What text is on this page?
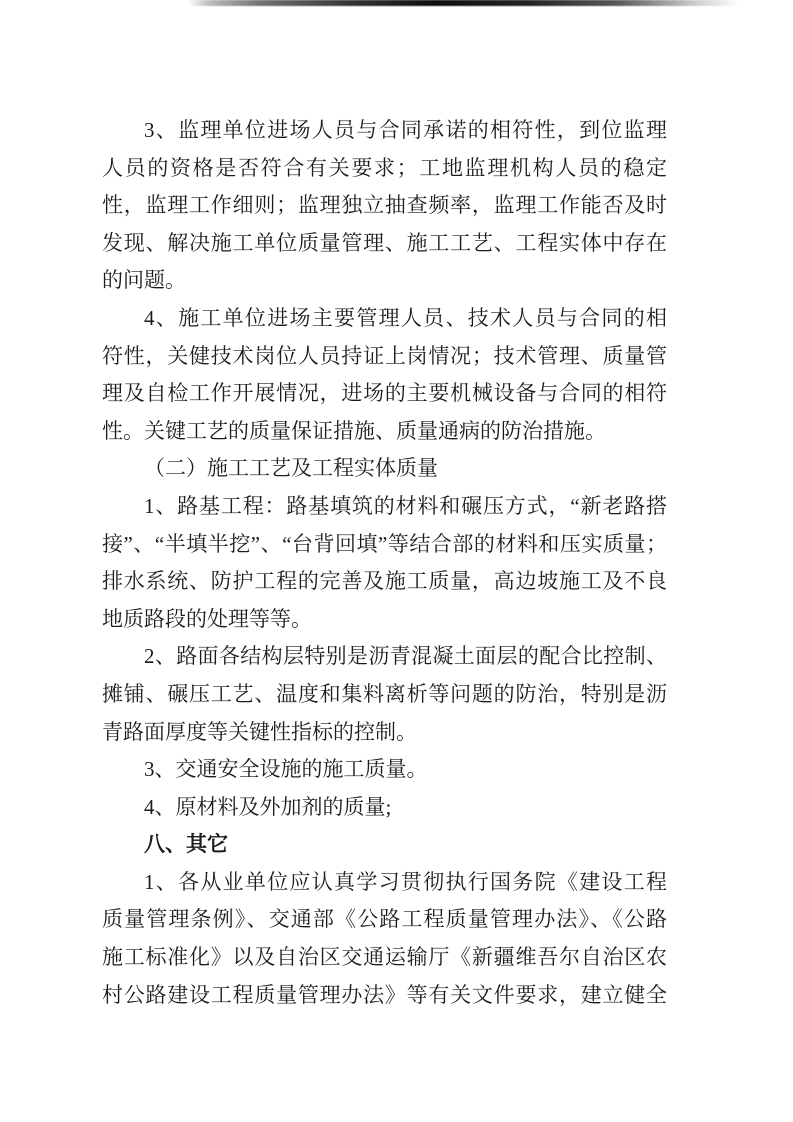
3、监理单位进场人员与合同承诺的相符性，到位监理
人员的资格是否符合有关要求；工地监理机构人员的稳定
性，监理工作细则；监理独立抽查频率，监理工作能否及时
发现、解决施工单位质量管理、施工工艺、工程实体中存在
的问题。
4、施工单位进场主要管理人员、技术人员与合同的相
符性，关健技术岗位人员持证上岗情况；技术管理、质量管
理及自检工作开展情况，进场的主要机械设备与合同的相符
性。关键工艺的质量保证措施、质量通病的防治措施。
（二）施工工艺及工程实体质量
1、路基工程：路基填筑的材料和碾压方式，“新老路搭
接”、“半填半挖”、“台背回填”等结合部的材料和压实质量；
排水系统、防护工程的完善及施工质量，高边坡施工及不良
地质路段的处理等等。
2、路面各结构层特别是沥青混凝土面层的配合比控制、
摊铺、碾压工艺、温度和集料离析等问题的防治，特别是沥
青路面厚度等关键性指标的控制。
3、交通安全设施的施工质量。
4、原材料及外加剂的质量;
八、其它
1、各从业单位应认真学习贯彻执行国务院《建设工程
质量管理条例》、交通部《公路工程质量管理办法》、《公路
施工标准化》以及自治区交通运输厅《新疆维吾尔自治区农
村公路建设工程质量管理办法》等有关文件要求，建立健全
